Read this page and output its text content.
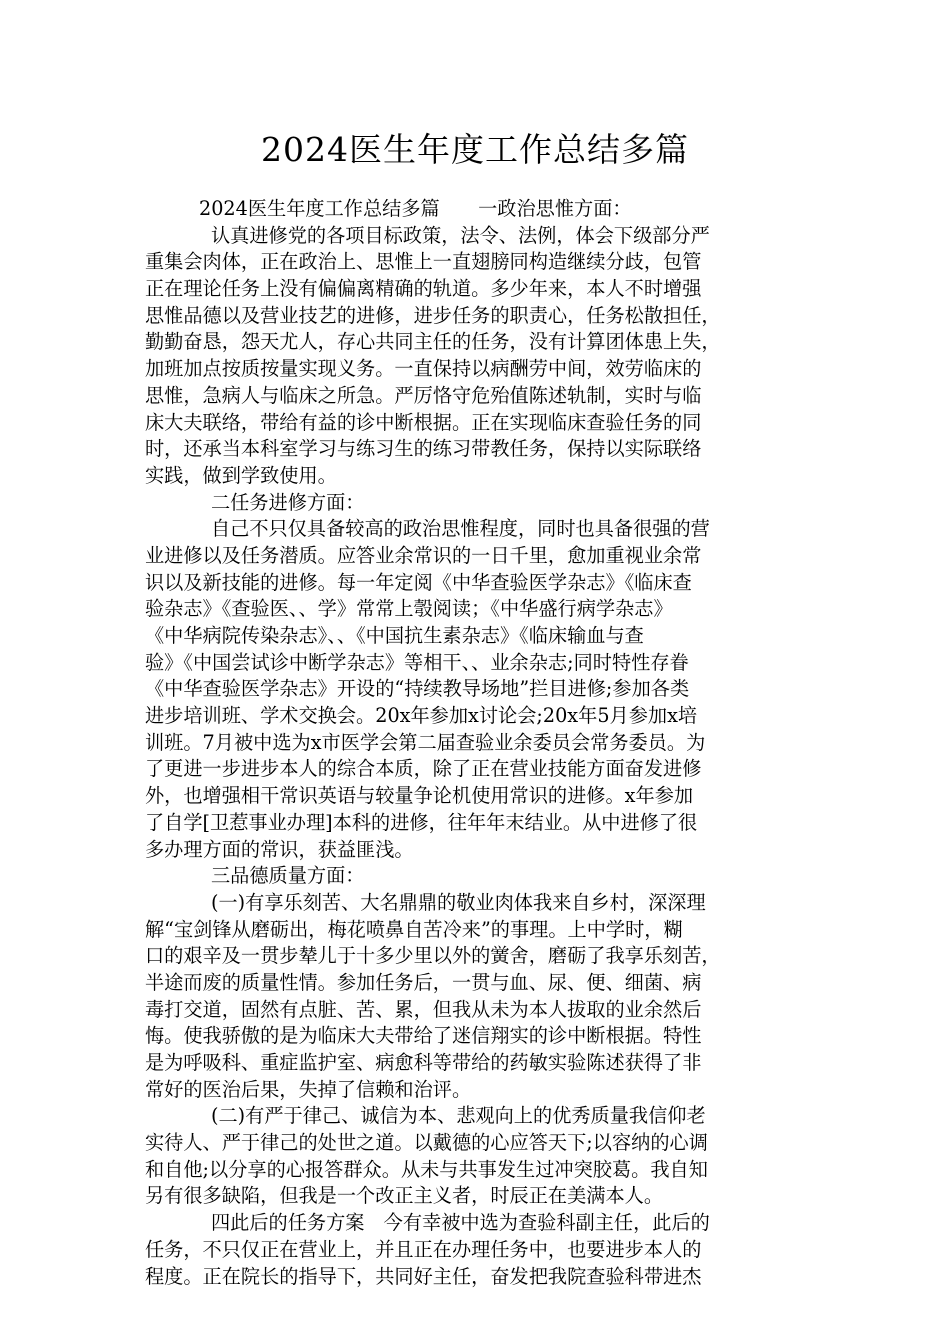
2024医生年度工作总结多篇
2024医生年度工作总结多篇　　一政治思惟方面：
认真进修党的各项目标政策，法令、法例，体会下级部分严
重集会肉体，正在政治上、思惟上一直翅膀同构造继续分歧，包管
正在理论任务上没有偏偏离精确的轨道。多少年来，本人不时增强
思惟品德以及营业技艺的进修，进步任务的职责心，任务松散担任，
勤勤奋恳，怨天尤人，存心共同主任的任务，没有计算团体患上失，
加班加点按质按量实现义务。一直保持以病酬劳中间，效劳临床的
思惟，急病人与临床之所急。严厉恪守危殆值陈述轨制，实时与临
床大夫联络，带给有益的诊中断根据。正在实现临床查验任务的同
时，还承当本科室学习与练习生的练习带教任务，保持以实际联络
实践，做到学致使用。
二任务进修方面：
自己不只仅具备较高的政治思惟程度，同时也具备很强的营
业进修以及任务潜质。应答业余常识的一日千里，愈加重视业余常
识以及新技能的进修。每一年定阅《中华查验医学杂志》《临床查
验杂志》《查验医、、学》常常上彀阅读；《中华盛行病学杂志》
《中华病院传染杂志》、、《中国抗生素杂志》《临床输血与查
验》《中国尝试诊中断学杂志》等相干、、业余杂志;同时特性存眷
《中华查验医学杂志》开设的“持续教导场地”拦目进修;参加各类
进步培训班、学术交换会。20x年参加x讨论会;20x年5月参加x培
训班。7月被中选为x市医学会第二届查验业余委员会常务委员。为
了更进一步进步本人的综合本质，除了正在营业技能方面奋发进修
外，也增强相干常识英语与较量争论机使用常识的进修。x年参加
了自学[卫惹事业办理]本科的进修，往年年末结业。从中进修了很
多办理方面的常识，获益匪浅。
三品德质量方面：
(一)有享乐刻苦、大名鼎鼎的敬业肉体我来自乡村，深深理
解“宝剑锋从磨砺出，梅花喷鼻自苦冷来”的事理。上中学时，糊
口的艰辛及一贯步辇儿于十多少里以外的黉舍，磨砺了我享乐刻苦，
半途而废的质量性情。参加任务后，一贯与血、尿、便、细菌、病
毒打交道，固然有点脏、苦、累，但我从未为本人拔取的业余然后
悔。使我骄傲的是为临床大夫带给了迷信翔实的诊中断根据。特性
是为呼吸科、重症监护室、病愈科等带给的药敏实验陈述获得了非
常好的医治后果，失掉了信赖和治评。
(二)有严于律己、诚信为本、悲观向上的优秀质量我信仰老
实待人、严于律己的处世之道。以戴德的心应答天下;以容纳的心调
和自他;以分享的心报答群众。从未与共事发生过冲突胶葛。我自知
另有很多缺陷，但我是一个改正主义者，时辰正在美满本人。
四此后的任务方案　今有幸被中选为查验科副主任，此后的
任务，不只仅正在营业上，并且正在办理任务中，也要进步本人的
程度。正在院长的指导下，共同好主任，奋发把我院查验科带进杰
